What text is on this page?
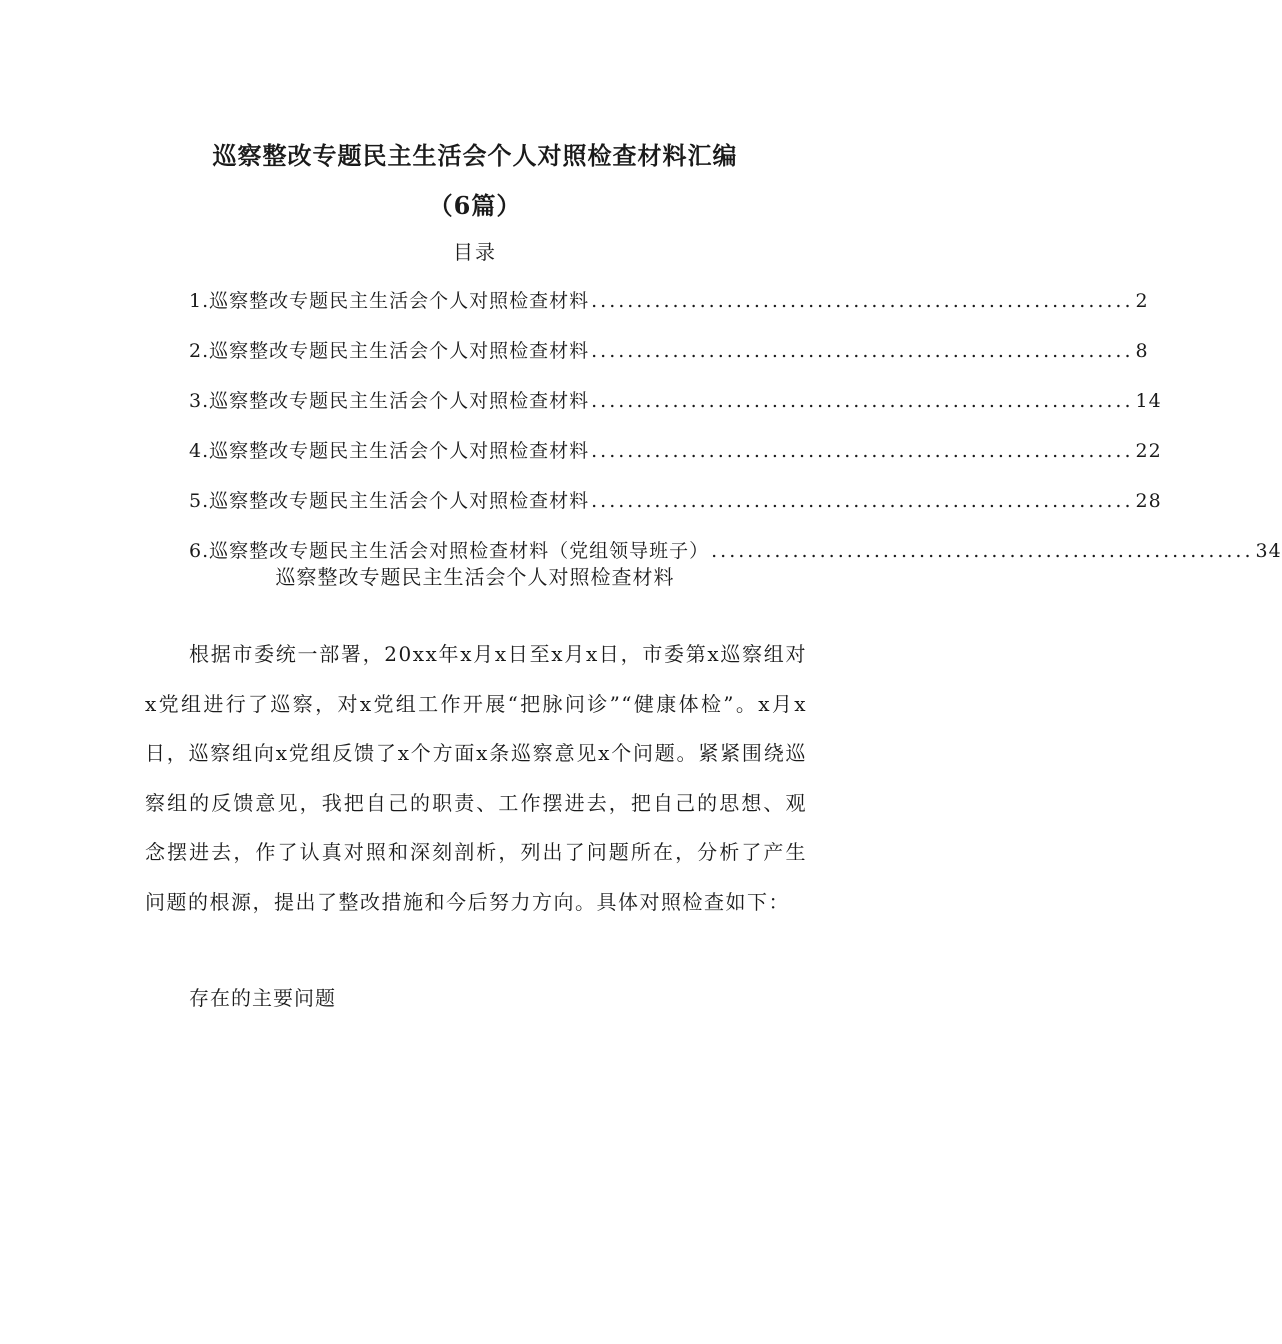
巡察整改专题民主生活会个人对照检查材料汇编
（6篇）
目录
1.巡察整改专题民主生活会个人对照检查材料 ............................................................ 2
2.巡察整改专题民主生活会个人对照检查材料 ............................................................ 8
3.巡察整改专题民主生活会个人对照检查材料 ............................................................ 14
4.巡察整改专题民主生活会个人对照检查材料 ............................................................ 22
5.巡察整改专题民主生活会个人对照检查材料 ............................................................ 28
6.巡察整改专题民主生活会对照检查材料（党组领导班子） ............................................................ 34
巡察整改专题民主生活会个人对照检查材料

根据市委统一部署，20xx年x月x日至x月x日，市委第x巡察组对x党组进行了巡察，对x党组工作开展“把脉问诊”“健康体检”。x月x日，巡察组向x党组反馈了x个方面x条巡察意见x个问题。紧紧围绕巡察组的反馈意见，我把自己的职责、工作摆进去，把自己的思想、观念摆进去，作了认真对照和深刻剖析，列出了问题所在，分析了产生问题的根源，提出了整改措施和今后努力方向。具体对照检查如下：

存在的主要问题
